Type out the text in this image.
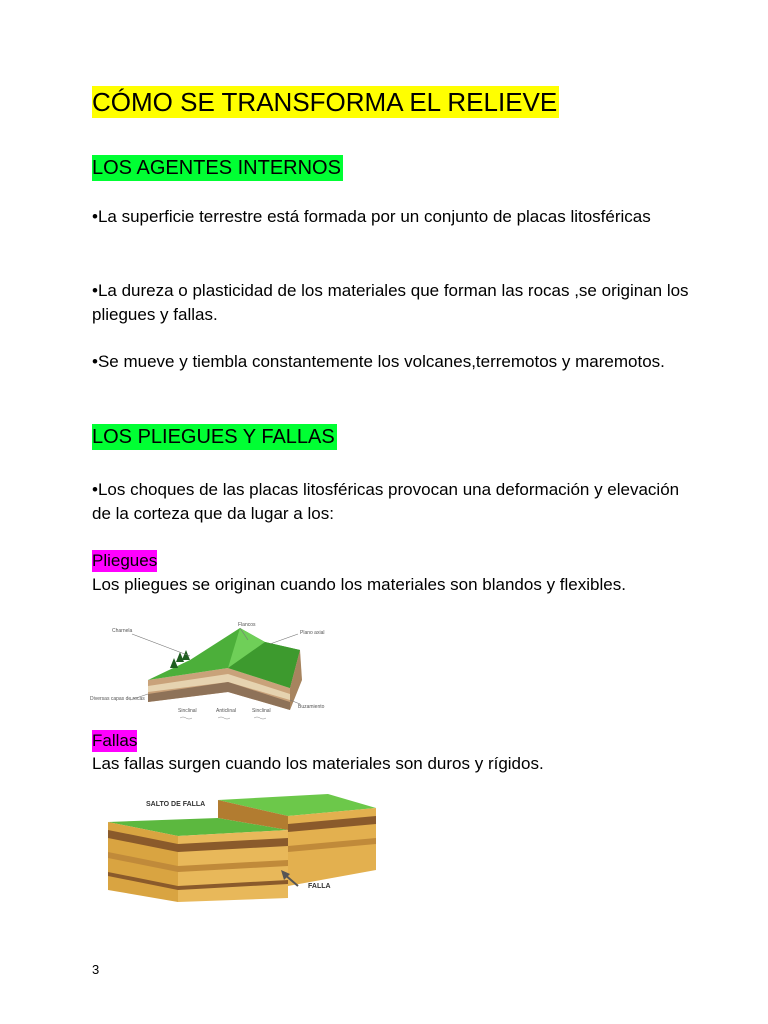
CÓMO SE TRANSFORMA EL RELIEVE
LOS AGENTES INTERNOS
•La superficie terrestre está formada por un conjunto de placas litosféricas
•La dureza o plasticidad de los materiales que forman las rocas ,se originan los pliegues y fallas.
•Se mueve y tiembla constantemente los volcanes,terremotos y maremotos.
LOS PLIEGUES Y FALLAS
•Los choques de las placas litosféricas provocan una deformación y elevación de la corteza que da lugar a los:
Pliegues
Los pliegues se originan cuando los materiales son blandos y flexibles.
Charnela
Flancos
Plano axial
Diversas capas de rocas
Sinclinal	Anticlinal	Sinclinal
Buzamiento
Fallas
Las fallas surgen cuando los materiales son duros y rígidos.
SALTO DE FALLA
FALLA
3
